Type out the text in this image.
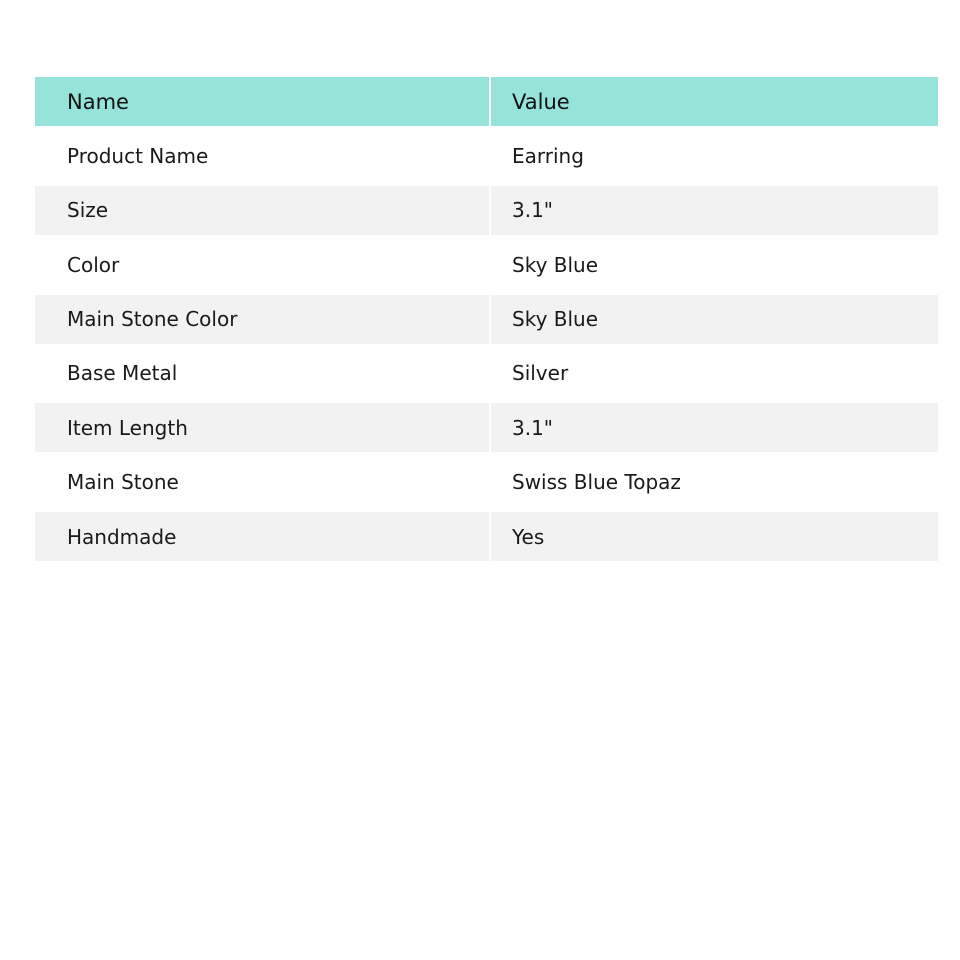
Name	Value

Product Name	Earring

Size	3.1"

Color	Sky Blue

Main Stone Color	Sky Blue

Base Metal	Silver

Item Length	3.1"

Main Stone	Swiss Blue Topaz

Handmade	Yes
